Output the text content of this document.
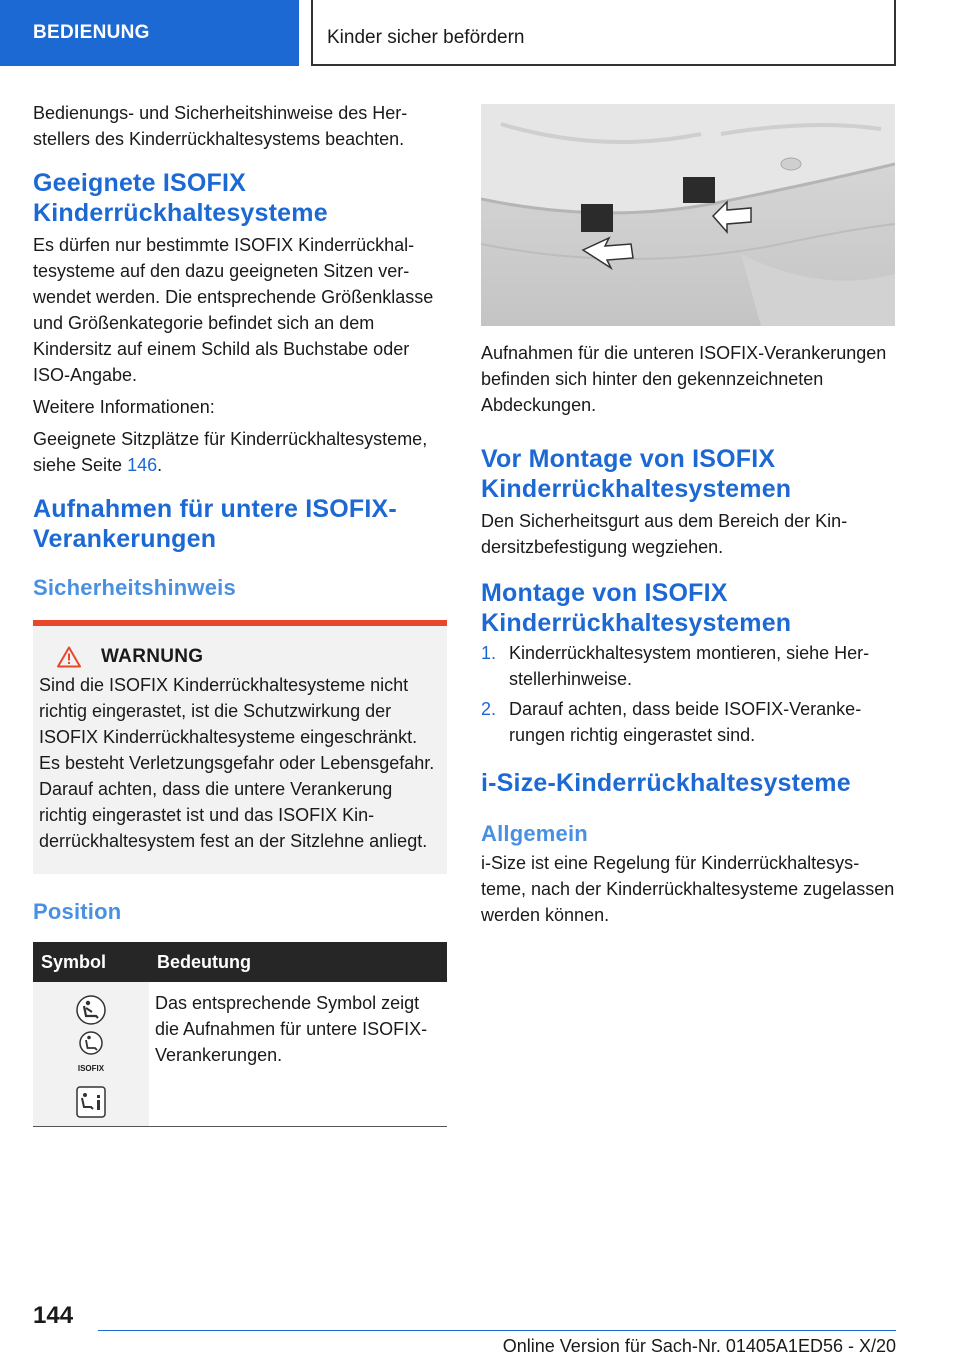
BEDIENUNG	Kinder sicher befördern

Bedienungs- und Sicherheitshinweise des Herstellers des Kinderrückhaltesystems beachten.

Geeignete ISOFIX Kinderrückhaltesysteme

Es dürfen nur bestimmte ISOFIX Kinderrückhaltesysteme auf den dazu geeigneten Sitzen verwendet werden. Die entsprechende Größenklasse und Größenkategorie befindet sich an dem Kindersitz auf einem Schild als Buchstabe oder ISO-Angabe.

Weitere Informationen:

Geeignete Sitzplätze für Kinderrückhaltesysteme, siehe Seite 146.

Aufnahmen für untere ISOFIX-Verankerungen
Sicherheitshinweis
WARNUNG

Sind die ISOFIX Kinderrückhaltesysteme nicht richtig eingerastet, ist die Schutzwirkung der ISOFIX Kinderrückhaltesysteme eingeschränkt. Es besteht Verletzungsgefahr oder Lebensgefahr. Darauf achten, dass die untere Verankerung richtig eingerastet ist und das ISOFIX Kinderrückhaltesystem fest an der Sitzlehne anliegt.

Position
Symbol	Bedeutung

ISOFIX	Das entsprechende Symbol zeigt die Aufnahmen für untere ISOFIX-Verankerungen.

Aufnahmen für die unteren ISOFIX-Verankerungen befinden sich hinter den gekennzeichneten Abdeckungen.

Vor Montage von ISOFIX Kinderrückhaltesystemen

Den Sicherheitsgurt aus dem Bereich der Kindersitzbefestigung wegziehen.

Montage von ISOFIX Kinderrückhaltesystemen
1. Kinderrückhaltesystem montieren, siehe Herstellerhinweise.
2. Darauf achten, dass beide ISOFIX-Verankerungen richtig eingerastet sind.
i-Size-Kinderrückhaltesysteme
Allgemein

i-Size ist eine Regelung für Kinderrückhaltesysteme, nach der Kinderrückhaltesysteme zugelassen werden können.

144
Online Version für Sach-Nr. 01405A1ED56 - X/20
